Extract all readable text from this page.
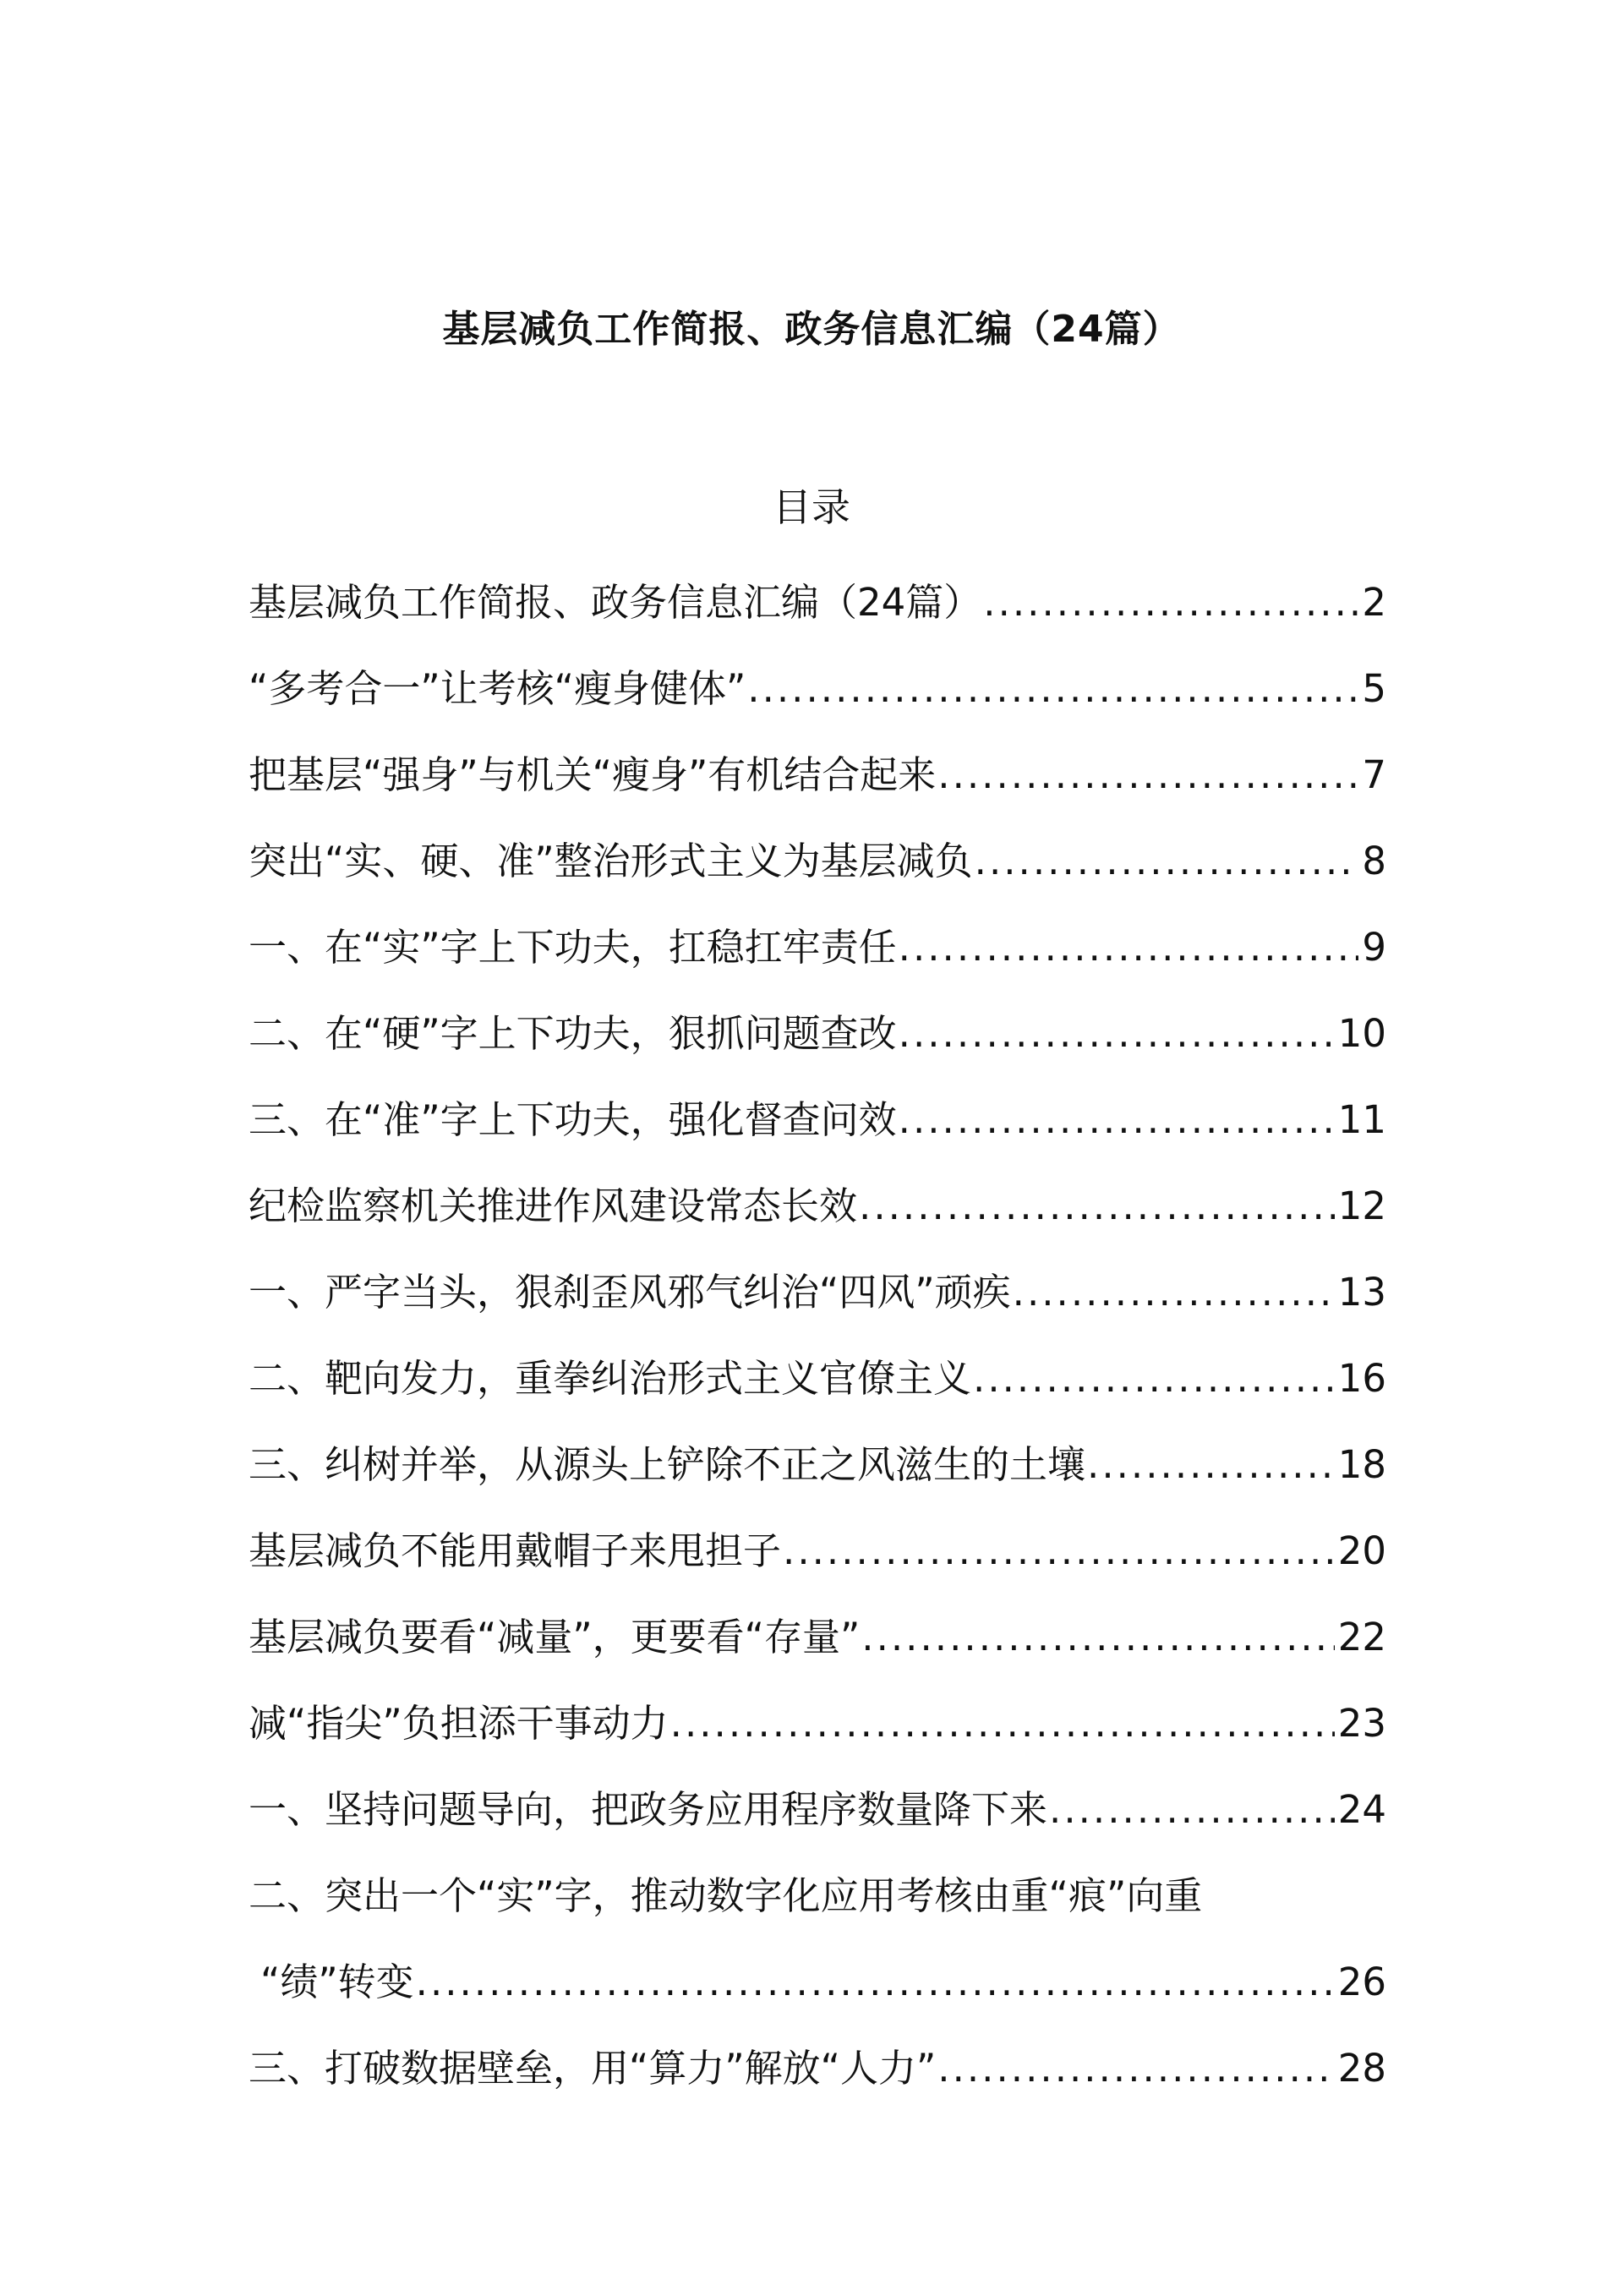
基层减负工作简报、政务信息汇编（24篇）
目录
基层减负工作简报、政务信息汇编（24篇） .....	2
“多考合一”让考核“瘦身健体” .....	5
把基层“强身”与机关“瘦身”有机结合起来 .....	7
突出“实、硬、准”整治形式主义为基层减负 .....	8
一、在“实”字上下功夫，扛稳扛牢责任 .....	9
二、在“硬”字上下功夫，狠抓问题查改 .....	10
三、在“准”字上下功夫，强化督查问效 .....	11
纪检监察机关推进作风建设常态长效 .....	12
一、严字当头，狠刹歪风邪气纠治“四风”顽疾 .....	13
二、靶向发力，重拳纠治形式主义官僚主义 .....	16
三、纠树并举，从源头上铲除不正之风滋生的土壤 .....	18
基层减负不能用戴帽子来甩担子 .....	20
基层减负要看“减量”，更要看“存量” .....	22
减“指尖”负担添干事动力 .....	23
一、坚持问题导向，把政务应用程序数量降下来 .....	24
二、突出一个“实”字，推动数字化应用考核由重“痕”向重
“绩”转变 .....	26
三、打破数据壁垒，用“算力”解放“人力” .....	28
